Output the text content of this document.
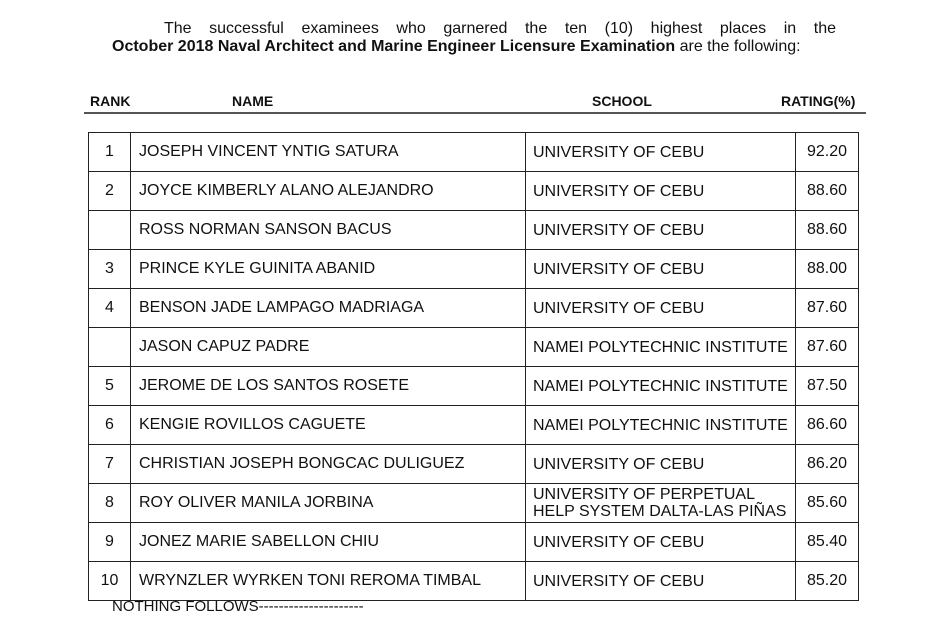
The successful examinees who garnered the ten (10) highest places in the
October 2018 Naval Architect and Marine Engineer Licensure Examination are the following:
RANK	NAME	SCHOOL	RATING(%)
1	JOSEPH VINCENT YNTIG SATURA	UNIVERSITY OF CEBU	92.20
2	JOYCE KIMBERLY ALANO ALEJANDRO	UNIVERSITY OF CEBU	88.60
	ROSS NORMAN SANSON BACUS	UNIVERSITY OF CEBU	88.60
3	PRINCE KYLE GUINITA ABANID	UNIVERSITY OF CEBU	88.00
4	BENSON JADE LAMPAGO MADRIAGA	UNIVERSITY OF CEBU	87.60
	JASON CAPUZ PADRE	NAMEI POLYTECHNIC INSTITUTE	87.60
5	JEROME DE LOS SANTOS ROSETE	NAMEI POLYTECHNIC INSTITUTE	87.50
6	KENGIE ROVILLOS CAGUETE	NAMEI POLYTECHNIC INSTITUTE	86.60
7	CHRISTIAN JOSEPH BONGCAC DULIGUEZ	UNIVERSITY OF CEBU	86.20
8	ROY OLIVER MANILA JORBINA	UNIVERSITY OF PERPETUAL HELP SYSTEM DALTA-LAS PIÑAS	85.60
9	JONEZ MARIE SABELLON CHIU	UNIVERSITY OF CEBU	85.40
10	WRYNZLER WYRKEN TONI REROMA TIMBAL	UNIVERSITY OF CEBU	85.20
NOTHING FOLLOWS---------------------
